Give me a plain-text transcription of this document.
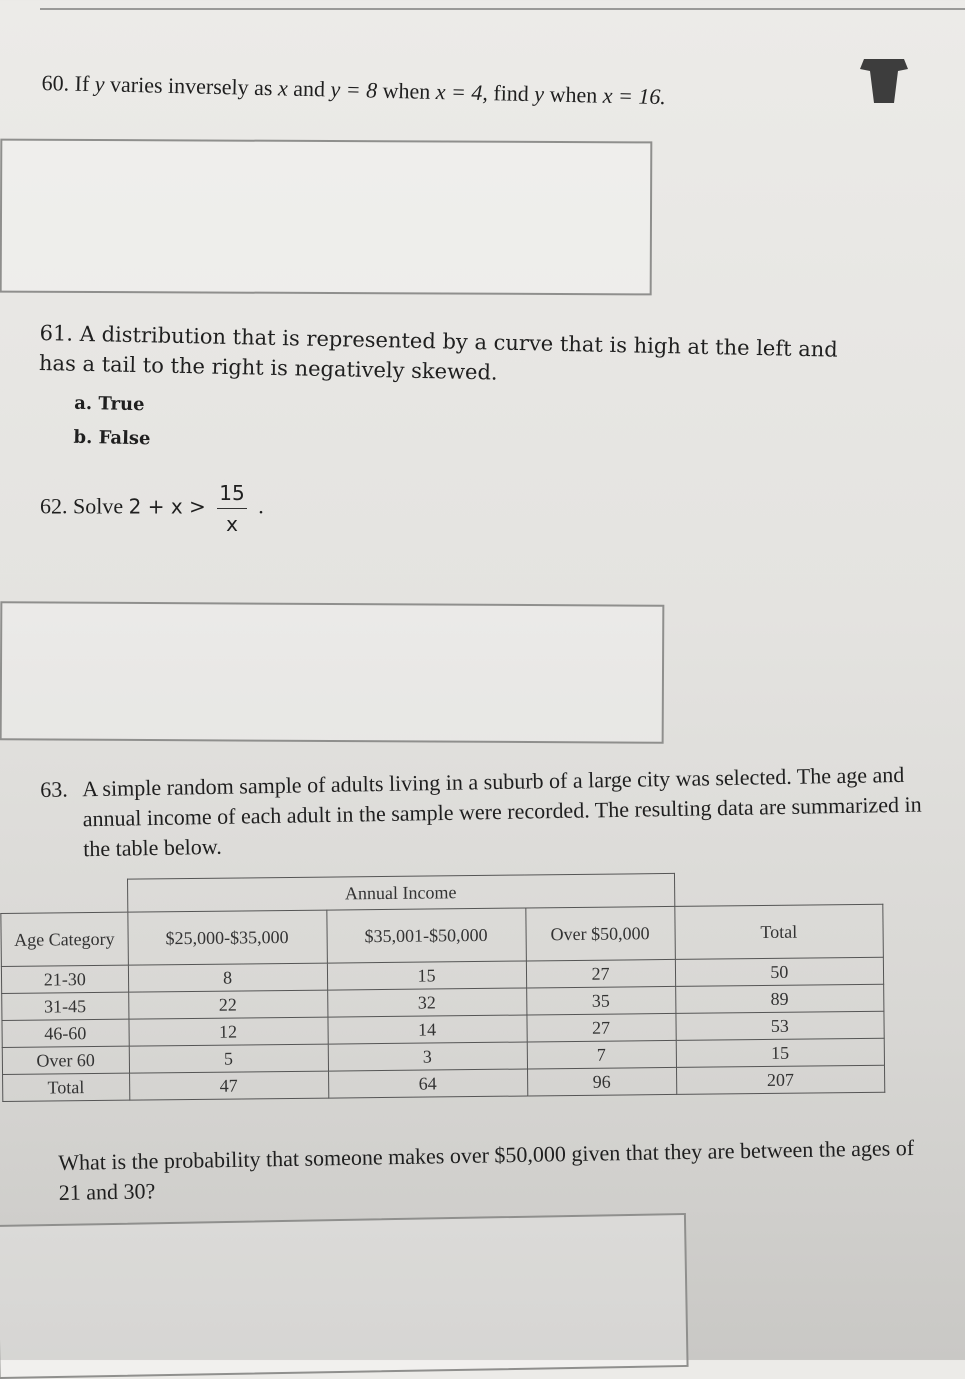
60. If y varies inversely as x and y = 8 when x = 4, find y when x = 16.
61. A distribution that is represented by a curve that is high at the left and has a tail to the right is negatively skewed.
a. True
b. False
62. Solve $2 + x > \frac{15}{x}$ .
63. A simple random sample of adults living in a suburb of a large city was selected. The age and annual income of each adult in the sample were recorded. The resulting data are summarized in the table below.
	Annual Income			
Age Category	$25,000-$35,000	$35,001-$50,000	Over $50,000	Total
21-30	8	15	27	50
31-45	22	32	35	89
46-60	12	14	27	53
Over 60	5	3	7	15
Total	47	64	96	207
What is the probability that someone makes over $50,000 given that they are between the ages of 21 and 30?
